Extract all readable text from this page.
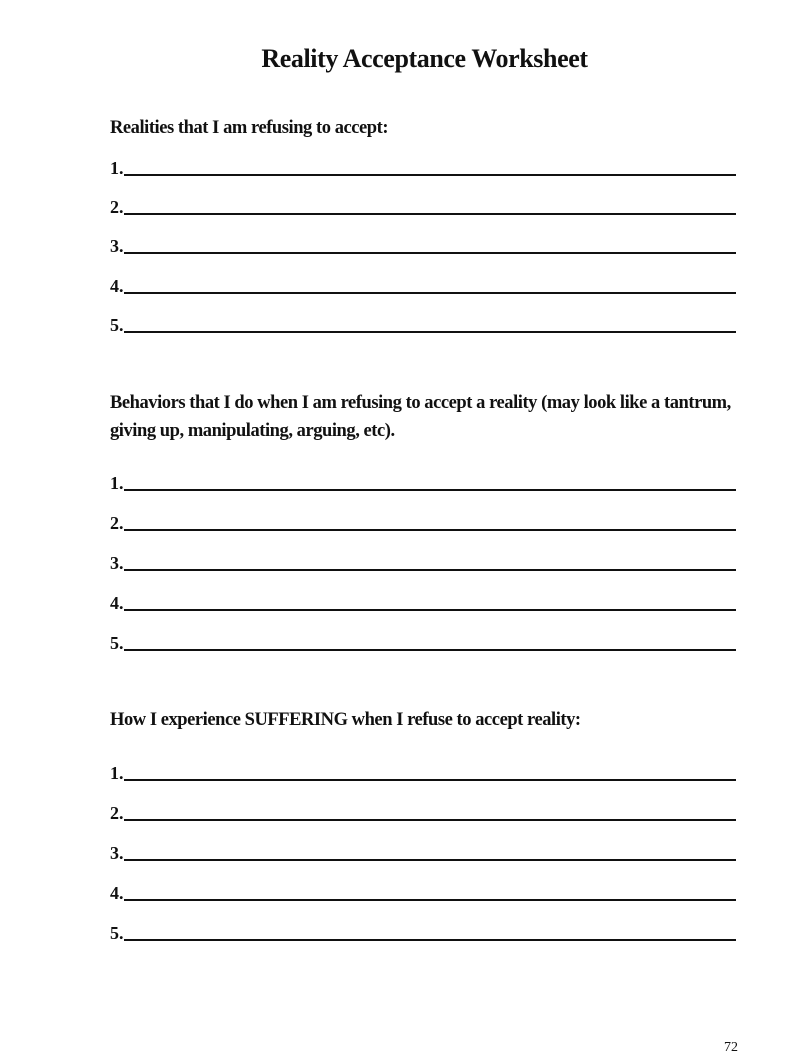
Reality Acceptance Worksheet
Realities that I am refusing to accept:
1.
2.
3.
4.
5.
Behaviors that I do when I am refusing to accept a reality (may look like a tantrum, giving up, manipulating, arguing, etc).
1.
2.
3.
4.
5.
How I experience SUFFERING when I refuse to accept reality:
1.
2.
3.
4.
5.
72
